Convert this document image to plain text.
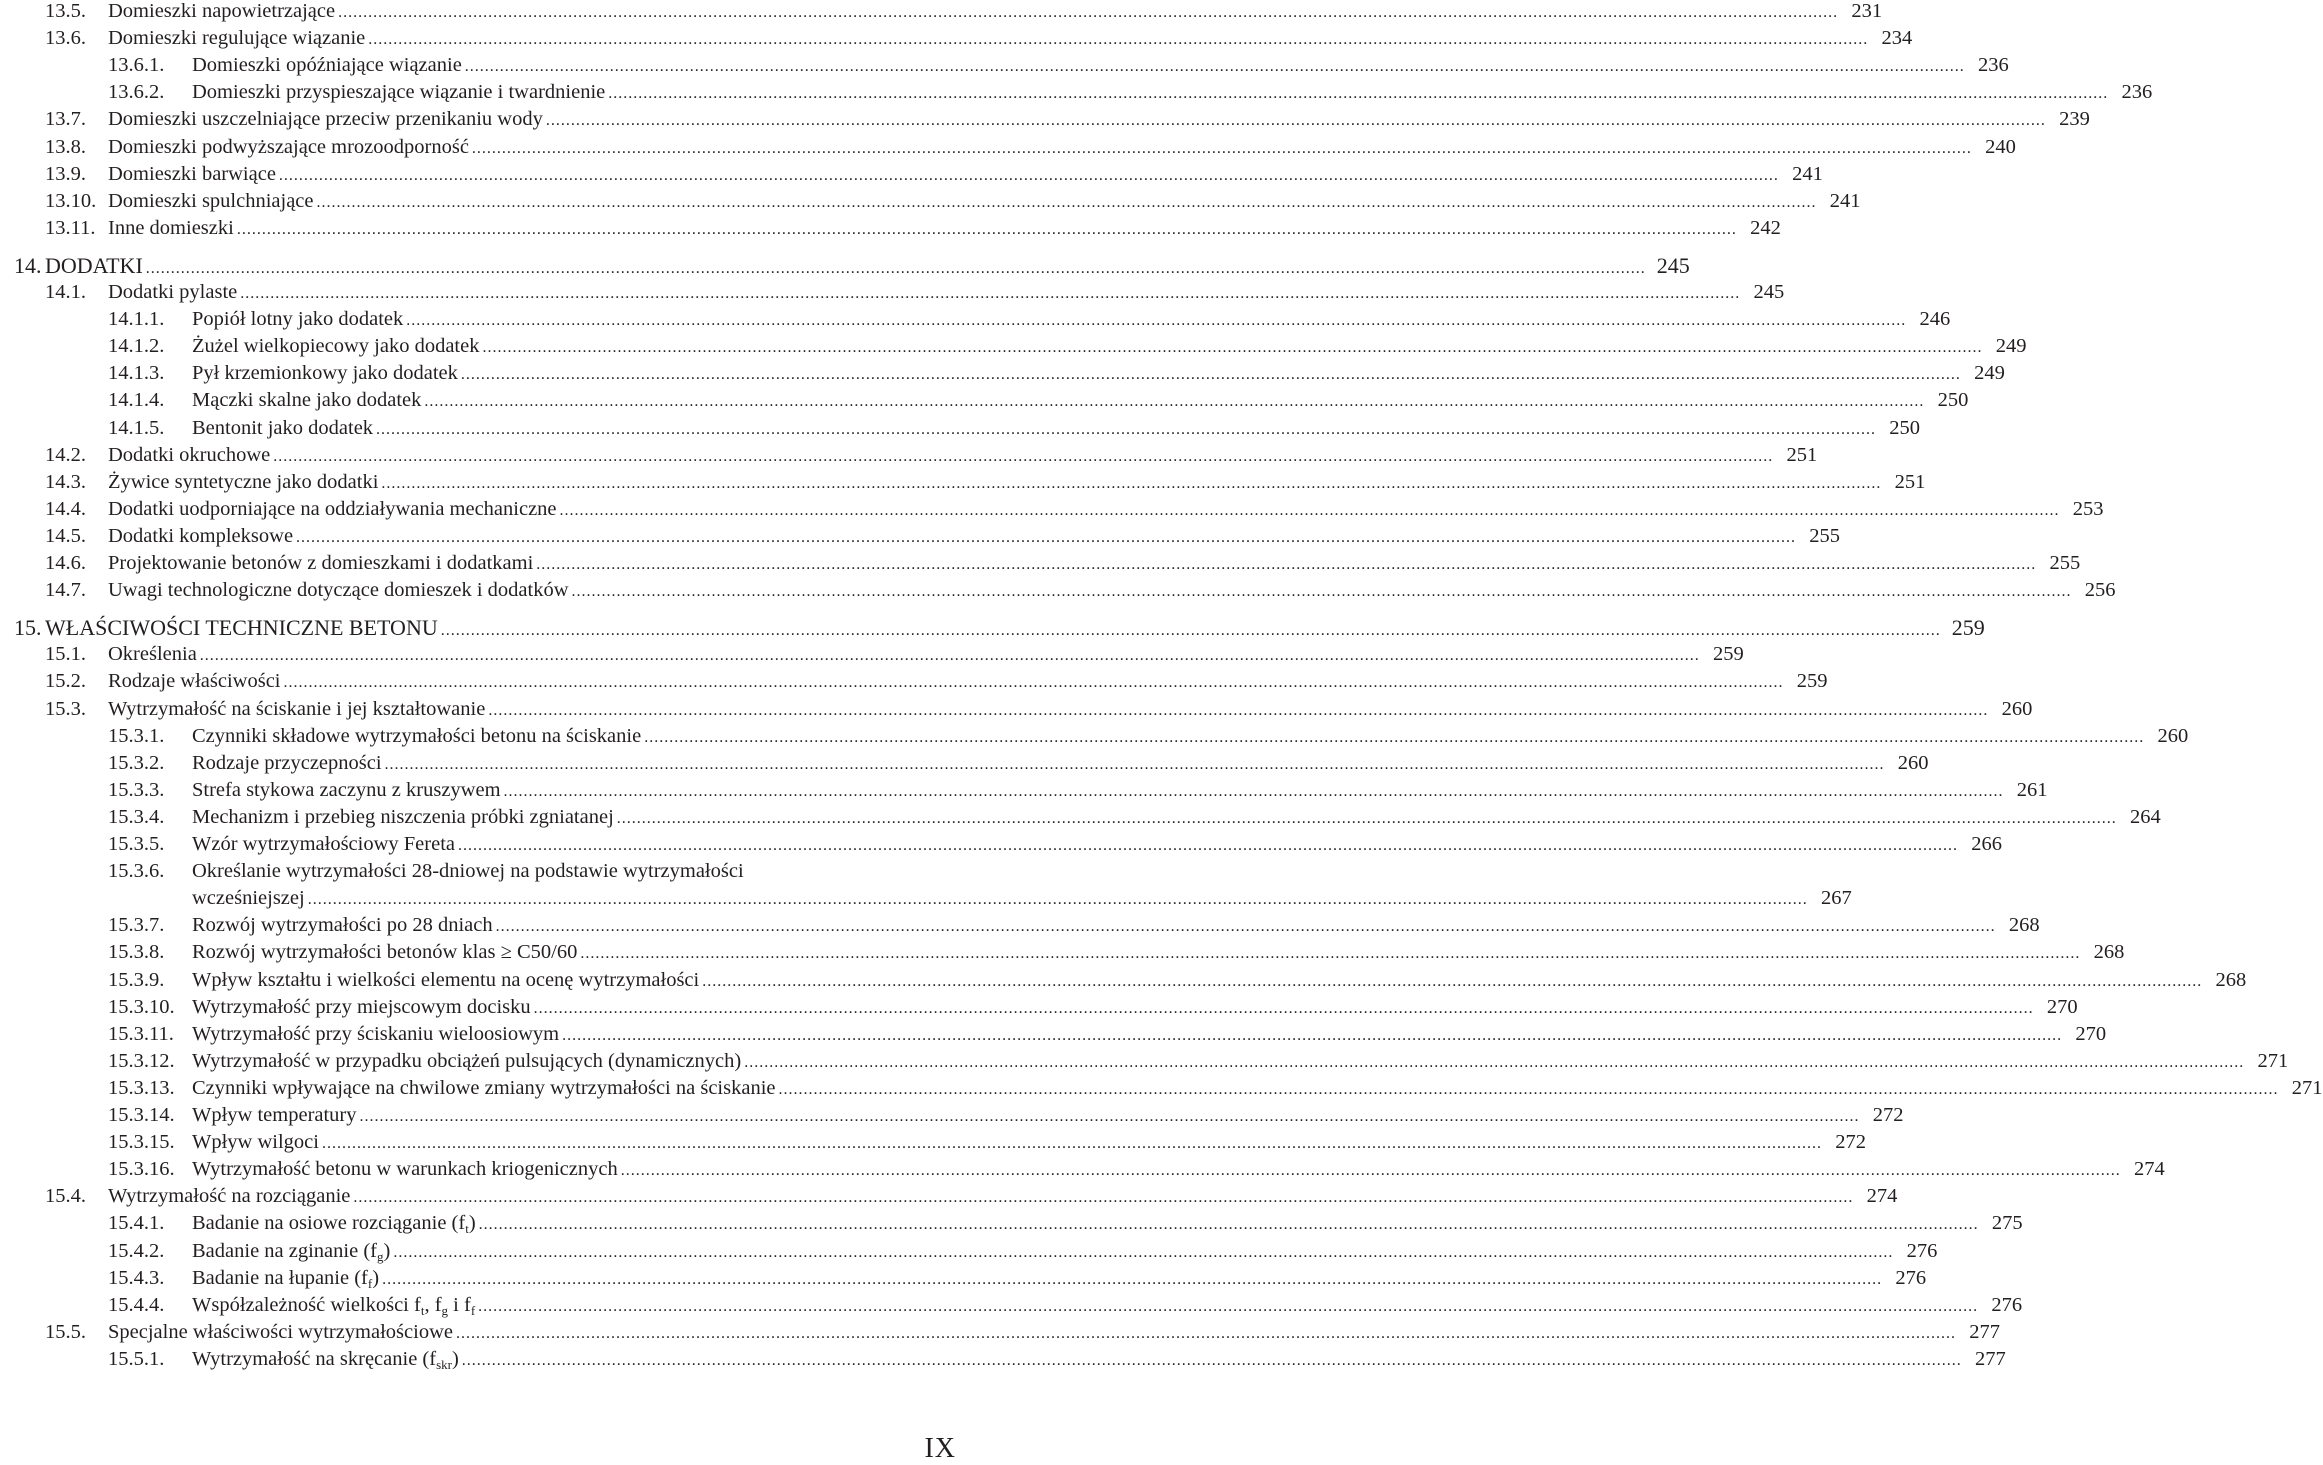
13.5. Domieszki napowietrzające ............................................................................................................................................................................................................................................................................................................ 231
13.6. Domieszki regulujące wiązanie ............................................................................................................................................................................................................................................................................................................ 234
13.6.1. Domieszki opóźniające wiązanie ............................................................................................................................................................................................................................................................................................................ 236
13.6.2. Domieszki przyspieszające wiązanie i twardnienie ............................................................................................................................................................................................................................................................................................................ 236
13.7. Domieszki uszczelniające przeciw przenikaniu wody ............................................................................................................................................................................................................................................................................................................ 239
13.8. Domieszki podwyższające mrozoodporność ............................................................................................................................................................................................................................................................................................................ 240
13.9. Domieszki barwiące ............................................................................................................................................................................................................................................................................................................ 241
13.10. Domieszki spulchniające ............................................................................................................................................................................................................................................................................................................ 241
13.11. Inne domieszki ............................................................................................................................................................................................................................................................................................................ 242
14. DODATKI ............................................................................................................................................................................................................................................................................................................ 245
14.1. Dodatki pylaste ............................................................................................................................................................................................................................................................................................................ 245
14.1.1. Popiół lotny jako dodatek ............................................................................................................................................................................................................................................................................................................ 246
14.1.2. Żużel wielkopiecowy jako dodatek ............................................................................................................................................................................................................................................................................................................ 249
14.1.3. Pył krzemionkowy jako dodatek ............................................................................................................................................................................................................................................................................................................ 249
14.1.4. Mączki skalne jako dodatek ............................................................................................................................................................................................................................................................................................................ 250
14.1.5. Bentonit jako dodatek ............................................................................................................................................................................................................................................................................................................ 250
14.2. Dodatki okruchowe ............................................................................................................................................................................................................................................................................................................ 251
14.3. Żywice syntetyczne jako dodatki ............................................................................................................................................................................................................................................................................................................ 251
14.4. Dodatki uodporniające na oddziaływania mechaniczne ............................................................................................................................................................................................................................................................................................................ 253
14.5. Dodatki kompleksowe ............................................................................................................................................................................................................................................................................................................ 255
14.6. Projektowanie betonów z domieszkami i dodatkami ............................................................................................................................................................................................................................................................................................................ 255
14.7. Uwagi technologiczne dotyczące domieszek i dodatków ............................................................................................................................................................................................................................................................................................................ 256
15. WŁAŚCIWOŚCI TECHNICZNE BETONU ............................................................................................................................................................................................................................................................................................................ 259
15.1. Określenia ............................................................................................................................................................................................................................................................................................................ 259
15.2. Rodzaje właściwości ............................................................................................................................................................................................................................................................................................................ 259
15.3. Wytrzymałość na ściskanie i jej kształtowanie ............................................................................................................................................................................................................................................................................................................ 260
15.3.1. Czynniki składowe wytrzymałości betonu na ściskanie ............................................................................................................................................................................................................................................................................................................ 260
15.3.2. Rodzaje przyczepności ............................................................................................................................................................................................................................................................................................................ 260
15.3.3. Strefa stykowa zaczynu z kruszywem ............................................................................................................................................................................................................................................................................................................ 261
15.3.4. Mechanizm i przebieg niszczenia próbki zgniatanej ............................................................................................................................................................................................................................................................................................................ 264
15.3.5. Wzór wytrzymałościowy Fereta ............................................................................................................................................................................................................................................................................................................ 266
15.3.6. Określanie wytrzymałości 28-dniowej na podstawie wytrzymałości
wcześniejszej ............................................................................................................................................................................................................................................................................................................ 267
15.3.7. Rozwój wytrzymałości po 28 dniach ............................................................................................................................................................................................................................................................................................................ 268
15.3.8. Rozwój wytrzymałości betonów klas ≥ C50/60 ............................................................................................................................................................................................................................................................................................................ 268
15.3.9. Wpływ kształtu i wielkości elementu na ocenę wytrzymałości ............................................................................................................................................................................................................................................................................................................ 268
15.3.10. Wytrzymałość przy miejscowym docisku ............................................................................................................................................................................................................................................................................................................ 270
15.3.11. Wytrzymałość przy ściskaniu wieloosiowym ............................................................................................................................................................................................................................................................................................................ 270
15.3.12. Wytrzymałość w przypadku obciążeń pulsujących (dynamicznych) ............................................................................................................................................................................................................................................................................................................ 271
15.3.13. Czynniki wpływające na chwilowe zmiany wytrzymałości na ściskanie ............................................................................................................................................................................................................................................................................................................ 271
15.3.14. Wpływ temperatury ............................................................................................................................................................................................................................................................................................................ 272
15.3.15. Wpływ wilgoci ............................................................................................................................................................................................................................................................................................................ 272
15.3.16. Wytrzymałość betonu w warunkach kriogenicznych ............................................................................................................................................................................................................................................................................................................ 274
15.4. Wytrzymałość na rozciąganie ............................................................................................................................................................................................................................................................................................................ 274
15.4.1. Badanie na osiowe rozciąganie $(f_t)$ ............................................................................................................................................................................................................................................................................................................ 275
15.4.2. Badanie na zginanie $(f_g)$ ............................................................................................................................................................................................................................................................................................................ 276
15.4.3. Badanie na łupanie $(f_f)$ ............................................................................................................................................................................................................................................................................................................ 276
15.4.4. Współzależność wielkości $f_t$, $f_g$ i $f_f$ ............................................................................................................................................................................................................................................................................................................ 276
15.5. Specjalne właściwości wytrzymałościowe ............................................................................................................................................................................................................................................................................................................ 277
15.5.1. Wytrzymałość na skręcanie $(f_{skr})$ ............................................................................................................................................................................................................................................................................................................ 277
IX
